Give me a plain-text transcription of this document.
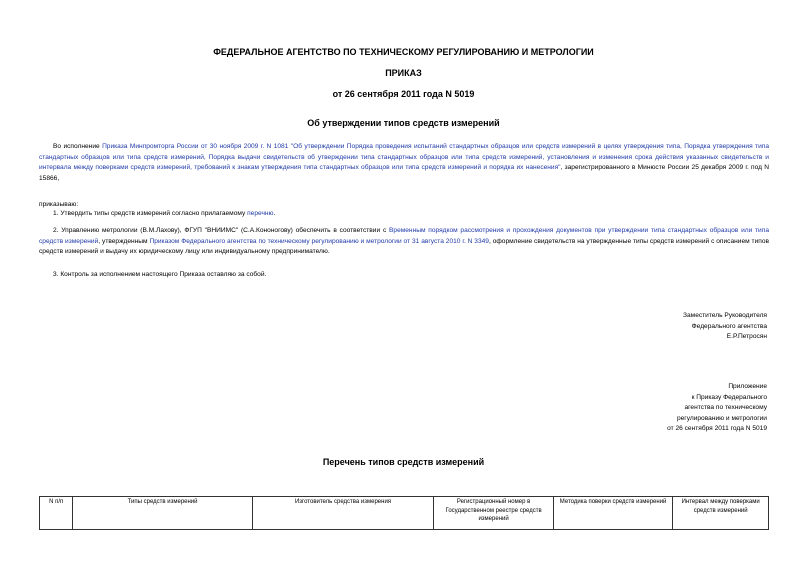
ФЕДЕРАЛЬНОЕ АГЕНТСТВО ПО ТЕХНИЧЕСКОМУ РЕГУЛИРОВАНИЮ И МЕТРОЛОГИИ
ПРИКАЗ
от 26 сентября 2011 года N 5019
Об утверждении типов средств измерений
Во исполнение Приказа Минпромторга России от 30 ноября 2009 г. N 1081 "Об утверждении Порядка проведения испытаний стандартных образцов или средств измерений в целях утверждения типа, Порядка утверждения типа стандартных образцов или типа средств измерений, Порядка выдачи свидетельств об утверждении типа стандартных образцов или типа средств измерений, установления и изменения срока действия указанных свидетельств и интервала между поверками средств измерений, требований к знакам утверждения типа стандартных образцов или типа средств измерений и порядка их нанесения", зарегистрированного в Минюсте России 25 декабря 2009 г. под N 15866,
приказываю:
1. Утвердить типы средств измерений согласно прилагаемому перечню.
2. Управлению метрологии (В.М.Лахову), ФГУП "ВНИИМС" (С.А.Кононогову) обеспечить в соответствии с Временным порядком рассмотрения и прохождения документов при утверждении типа стандартных образцов или типа средств измерений, утвержденным Приказом Федерального агентства по техническому регулированию и метрологии от 31 августа 2010 г. N 3349, оформление свидетельств на утвержденные типы средств измерений с описанием типов средств измерений и выдачу их юридическому лицу или индивидуальному предпринимателю.
3. Контроль за исполнением настоящего Приказа оставляю за собой.
Заместитель Руководителя
Федерального агентства
Е.Р.Петросян
Приложение
к Приказу Федерального
агентства по техническому
регулированию и метрологии
от 26 сентября 2011 года N 5019
Перечень типов средств измерений
N п/п	Типы средств измерений	Изготовитель средства измерения	Регистрационный номер в Государственном реестре средств измерений	Методика поверки средств измерений	Интервал между поверками средств измерений
